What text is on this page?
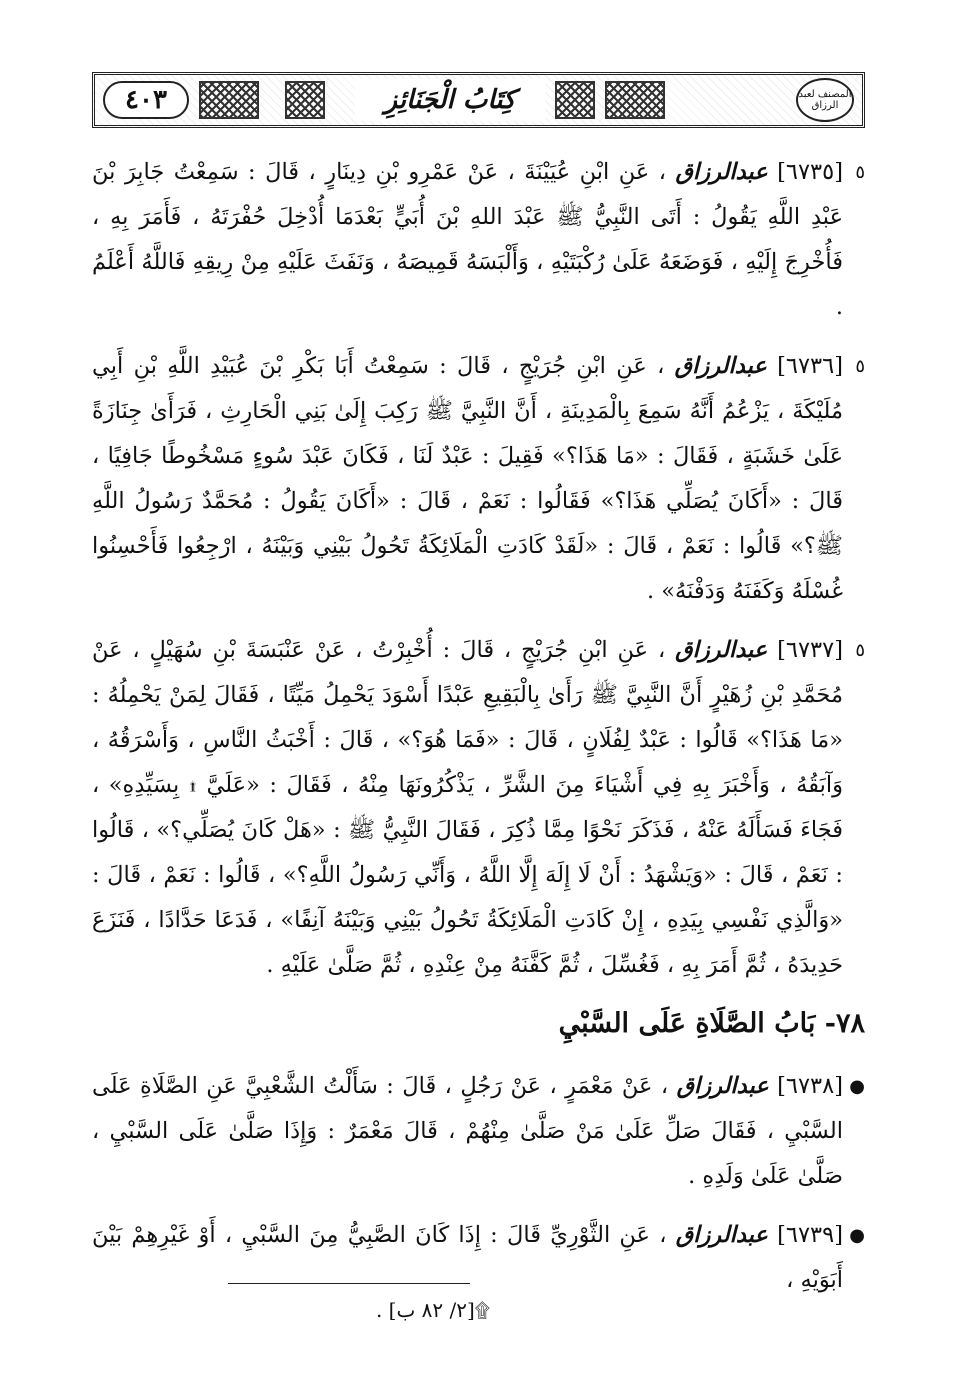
٤٠٣	كِتَابُ الْجَنَائِزِ	المصنف لعبد الرزاق

٥
[٦٧٣٥] عبدالرزاق ، عَنِ ابْنِ عُيَيْنَةَ ، عَنْ عَمْرِو بْنِ دِينَارٍ ، قَالَ : سَمِعْتُ جَابِرَ بْنَ عَبْدِ اللَّهِ يَقُولُ : أَتَى النَّبِيُّ ﷺ عَبْدَ اللهِ بْنَ أُبَيٍّ بَعْدَمَا أُدْخِلَ حُفْرَتَهُ ، فَأَمَرَ بِهِ ، فَأُخْرِجَ إِلَيْهِ ، فَوَضَعَهُ عَلَىٰ رُكْبَتَيْهِ ، وَأَلْبَسَهُ قَمِيصَهُ ، وَنَفَثَ عَلَيْهِ مِنْ رِيقِهِ فَاللَّهُ أَعْلَمُ .

٥
[٦٧٣٦] عبدالرزاق ، عَنِ ابْنِ جُرَيْجٍ ، قَالَ : سَمِعْتُ أَبَا بَكْرِ بْنَ عُبَيْدِ اللَّهِ بْنِ أَبِي مُلَيْكَةَ ، يَزْعُمُ أَنَّهُ سَمِعَ بِالْمَدِينَةِ ، أَنَّ النَّبِيَّ ﷺ رَكِبَ إِلَىٰ بَنِي الْحَارِثِ ، فَرَأَىٰ جِنَازَةً عَلَىٰ خَشَبَةٍ ، فَقَالَ : «مَا هَذَا؟» فَقِيلَ : عَبْدٌ لَنَا ، فَكَانَ عَبْدَ سُوءٍ مَسْخُوطًا جَافِيًا ، قَالَ : «أَكَانَ يُصَلِّي هَذَا؟» فَقَالُوا : نَعَمْ ، قَالَ : «أَكَانَ يَقُولُ : مُحَمَّدٌ رَسُولُ اللَّهِ ﷺ؟» قَالُوا : نَعَمْ ، قَالَ : «لَقَدْ كَادَتِ الْمَلَائِكَةُ تَحُولُ بَيْنِي وَبَيْنَهُ ، ارْجِعُوا فَأَحْسِنُوا غُسْلَهُ وَكَفَنَهُ وَدَفْنَهُ» .

٥
[٦٧٣٧] عبدالرزاق ، عَنِ ابْنِ جُرَيْجٍ ، قَالَ : أُخْبِرْتُ ، عَنْ عَنْبَسَةَ بْنِ سُهَيْلٍ ، عَنْ مُحَمَّدِ بْنِ زُهَيْرٍ أَنَّ النَّبِيَّ ﷺ رَأَىٰ بِالْبَقِيعِ عَبْدًا أَسْوَدَ يَحْمِلُ مَيِّتًا ، فَقَالَ لِمَنْ يَحْمِلُهُ : «مَا هَذَا؟» قَالُوا : عَبْدٌ لِفُلَانٍ ، قَالَ : «فَمَا هُوَ؟» ، قَالَ : أَخْبَثُ النَّاسِ ، وَأَسْرَقُهُ ، وَآبَقُهُ ، وَأَخْبَرَ بِهِ فِي أَشْيَاءَ مِنَ الشَّرِّ ، يَذْكُرُونَهَا مِنْهُ ، فَقَالَ : «عَلَيَّ ۩ بِسَيِّدِهِ» ، فَجَاءَ فَسَأَلَهُ عَنْهُ ، فَذَكَرَ نَحْوًا مِمَّا ذُكِرَ ، فَقَالَ النَّبِيُّ ﷺ : «هَلْ كَانَ يُصَلِّي؟» ، قَالُوا : نَعَمْ ، قَالَ : «وَيَشْهَدُ : أَنْ لَا إِلَهَ إِلَّا اللَّهُ ، وَأَنِّي رَسُولُ اللَّهِ؟» ، قَالُوا : نَعَمْ ، قَالَ : «وَالَّذِي نَفْسِي بِيَدِهِ ، إِنْ كَادَتِ الْمَلَائِكَةُ تَحُولُ بَيْنِي وَبَيْنَهُ آنِفًا» ، فَدَعَا حَدَّادًا ، فَنَزَعَ حَدِيدَهُ ، ثُمَّ أَمَرَ بِهِ ، فَغُسِّلَ ، ثُمَّ كَفَّنَهُ مِنْ عِنْدِهِ ، ثُمَّ صَلَّىٰ عَلَيْهِ .

٧٨- بَابُ الصَّلَاةِ عَلَى السَّبْيِ

●
[٦٧٣٨] عبدالرزاق ، عَنْ مَعْمَرٍ ، عَنْ رَجُلٍ ، قَالَ : سَأَلْتُ الشَّعْبِيَّ عَنِ الصَّلَاةِ عَلَى السَّبْيِ ، فَقَالَ صَلِّ عَلَىٰ مَنْ صَلَّىٰ مِنْهُمْ ، قَالَ مَعْمَرٌ : وَإِذَا صَلَّىٰ عَلَى السَّبْيِ ، صَلَّىٰ عَلَىٰ وَلَدِهِ .

●
[٦٧٣٩] عبدالرزاق ، عَنِ الثَّوْرِيِّ قَالَ : إِذَا كَانَ الصَّبِيُّ مِنَ السَّبْيِ ، أَوْ غَيْرِهِمْ بَيْنَ أَبَوَيْهِ ،

۩[٢/ ٨٢ ب] .
